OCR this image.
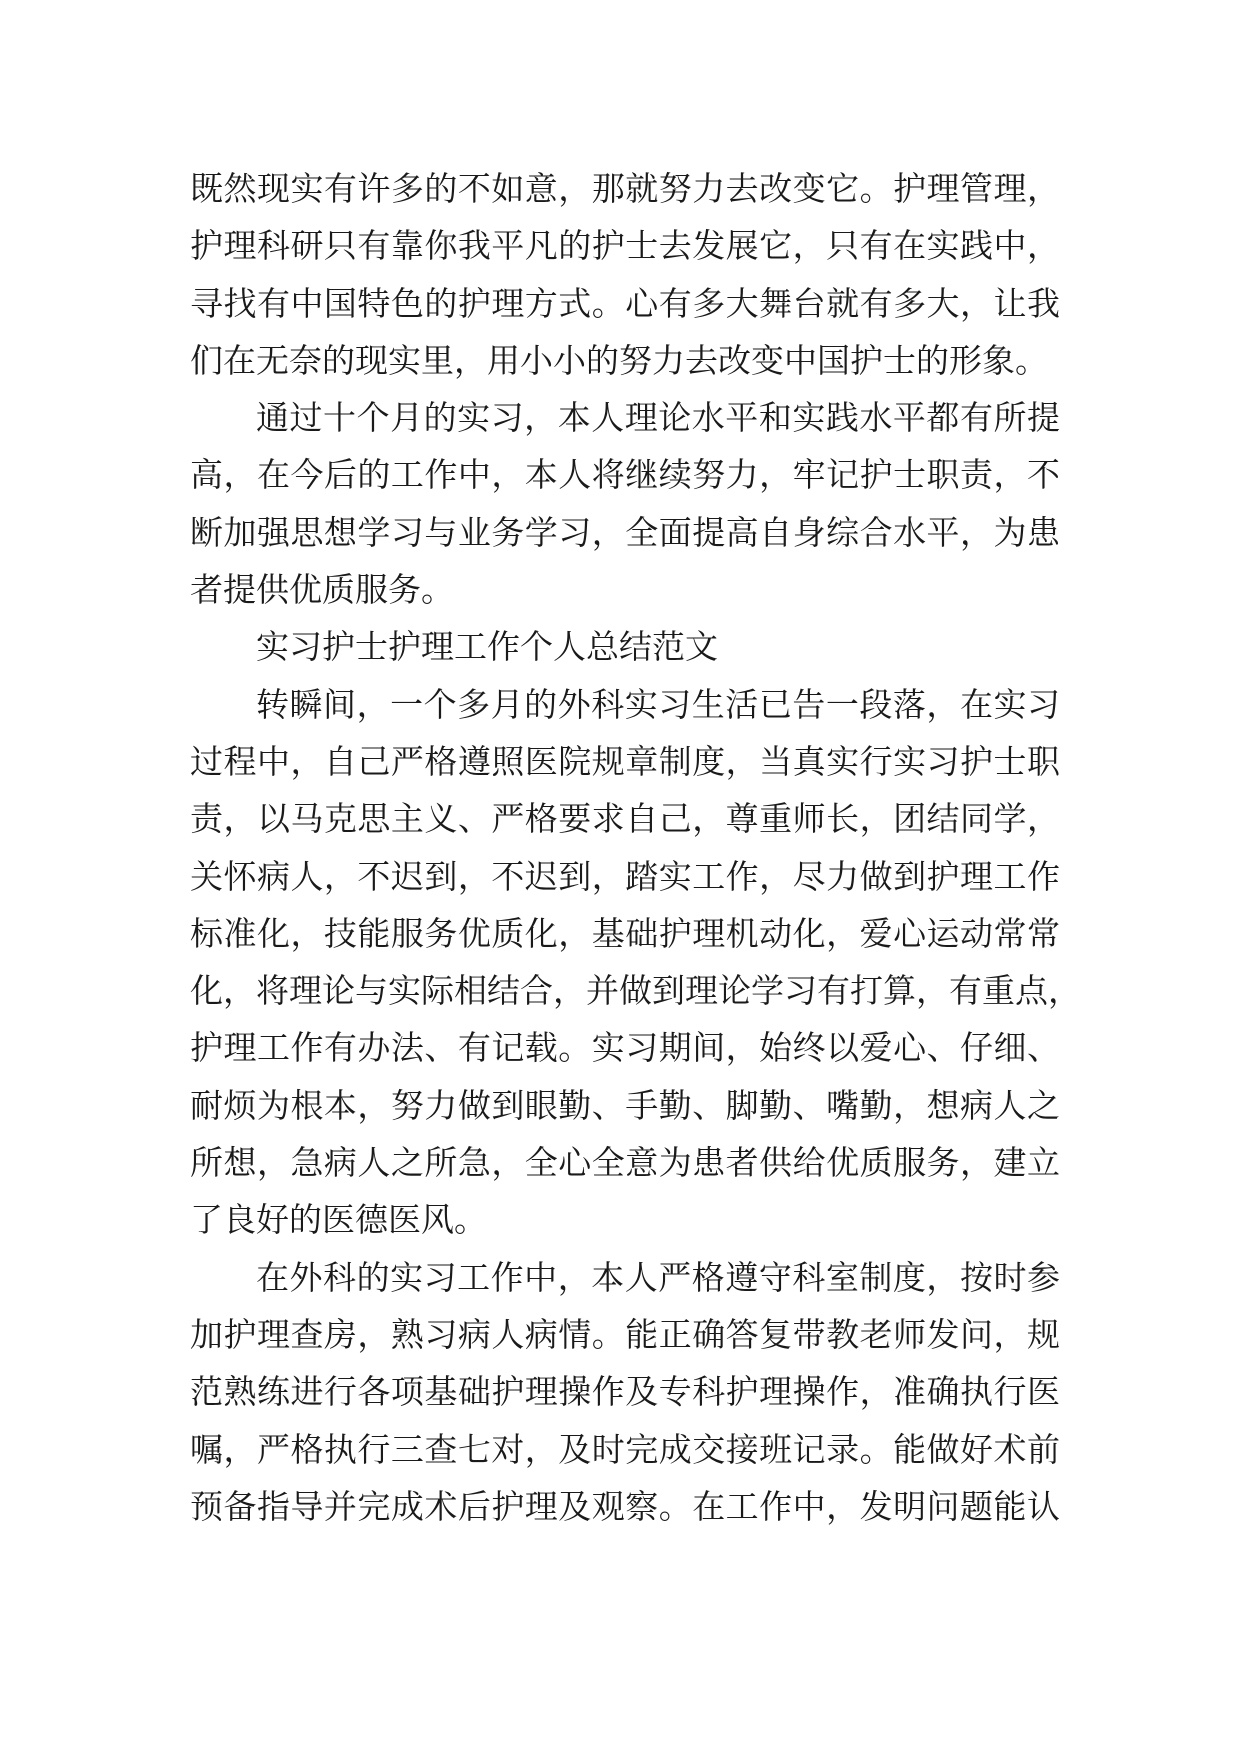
既然现实有许多的不如意，那就努力去改变它。护理管理，
护理科研只有靠你我平凡的护士去发展它，只有在实践中，
寻找有中国特色的护理方式。心有多大舞台就有多大，让我
们在无奈的现实里，用小小的努力去改变中国护士的形象。
通过十个月的实习，本人理论水平和实践水平都有所提
高，在今后的工作中，本人将继续努力，牢记护士职责，不
断加强思想学习与业务学习，全面提高自身综合水平，为患
者提供优质服务。
实习护士护理工作个人总结范文
转瞬间，一个多月的外科实习生活已告一段落，在实习
过程中，自己严格遵照医院规章制度，当真实行实习护士职
责，以马克思主义、严格要求自己，尊重师长，团结同学，
关怀病人，不迟到，不迟到，踏实工作，尽力做到护理工作
标准化，技能服务优质化，基础护理机动化，爱心运动常常
化，将理论与实际相结合，并做到理论学习有打算，有重点，
护理工作有办法、有记载。实习期间，始终以爱心、仔细、
耐烦为根本，努力做到眼勤、手勤、脚勤、嘴勤，想病人之
所想，急病人之所急，全心全意为患者供给优质服务，建立
了良好的医德医风。
在外科的实习工作中，本人严格遵守科室制度，按时参
加护理查房，熟习病人病情。能正确答复带教老师发问，规
范熟练进行各项基础护理操作及专科护理操作，准确执行医
嘱，严格执行三查七对，及时完成交接班记录。能做好术前
预备指导并完成术后护理及观察。在工作中，发明问题能认
